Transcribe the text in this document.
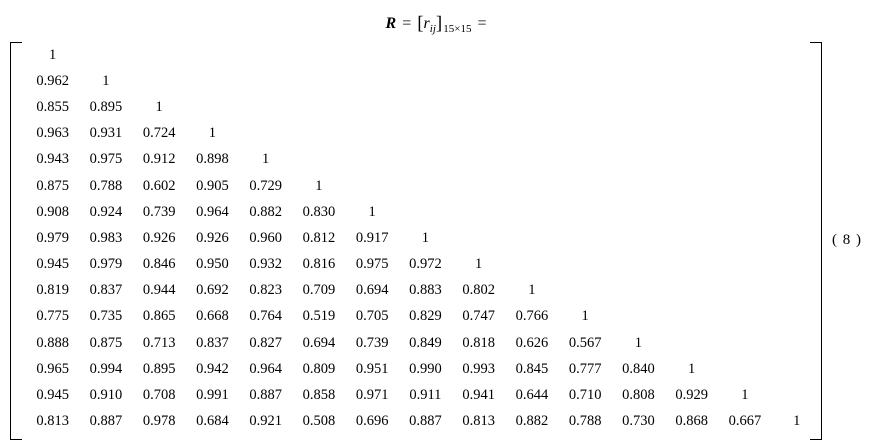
$R = [r_{ij}]_{15\times 15}$ =
1														
0.962	1													
0.855	0.895	1												
0.963	0.931	0.724	1											
0.943	0.975	0.912	0.898	1										
0.875	0.788	0.602	0.905	0.729	1									
0.908	0.924	0.739	0.964	0.882	0.830	1								
0.979	0.983	0.926	0.926	0.960	0.812	0.917	1							
0.945	0.979	0.846	0.950	0.932	0.816	0.975	0.972	1						
0.819	0.837	0.944	0.692	0.823	0.709	0.694	0.883	0.802	1					
0.775	0.735	0.865	0.668	0.764	0.519	0.705	0.829	0.747	0.766	1				
0.888	0.875	0.713	0.837	0.827	0.694	0.739	0.849	0.818	0.626	0.567	1			
0.965	0.994	0.895	0.942	0.964	0.809	0.951	0.990	0.993	0.845	0.777	0.840	1		
0.945	0.910	0.708	0.991	0.887	0.858	0.971	0.911	0.941	0.644	0.710	0.808	0.929	1	
0.813	0.887	0.978	0.684	0.921	0.508	0.696	0.887	0.813	0.882	0.788	0.730	0.868	0.667	1
( 8 )
